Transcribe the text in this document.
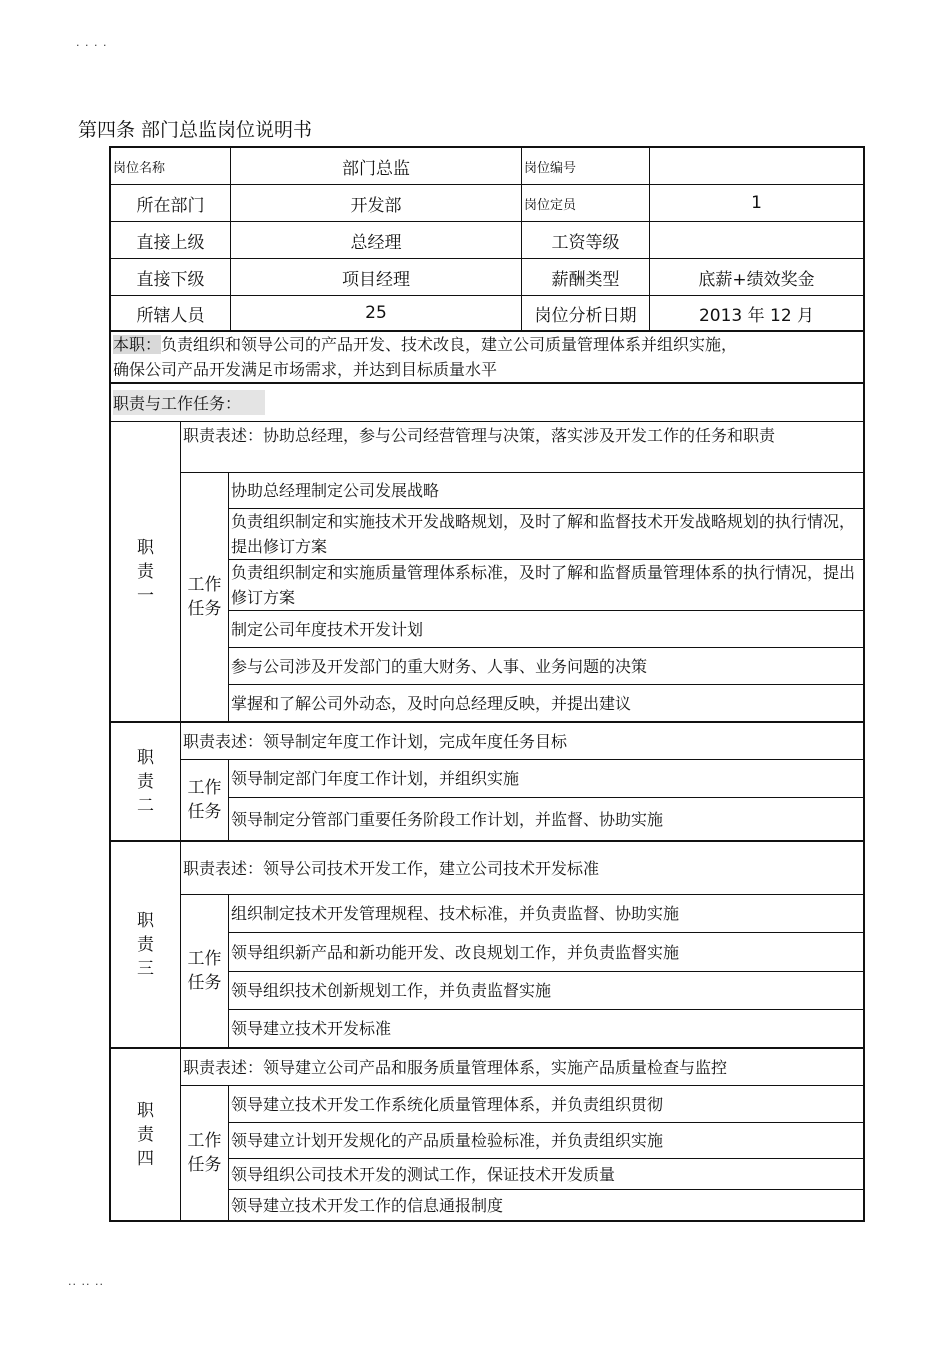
. . . .
.. .. ..
第四条 部门总监岗位说明书
岗位名称	部门总监	岗位编号
所在部门	开发部	岗位定员	1
直接上级	总经理	工资等级
直接下级	项目经理	薪酬类型	底薪+绩效奖金
所辖人员	25	岗位分析日期	2013 年 12 月
本职：负责组织和领导公司的产品开发、技术改良，建立公司质量管理体系并组织实施，
确保公司产品开发满足市场需求，并达到目标质量水平
职责与工作任务：
职
责
一
职责表述：协助总经理，参与公司经营管理与决策，落实涉及开发工作的任务和职责
工作
任务
协助总经理制定公司发展战略
负责组织制定和实施技术开发战略规划，及时了解和监督技术开发战略规划的执行情况，提出修订方案
负责组织制定和实施质量管理体系标准，及时了解和监督质量管理体系的执行情况，提出修订方案
制定公司年度技术开发计划
参与公司涉及开发部门的重大财务、人事、业务问题的决策
掌握和了解公司外动态，及时向总经理反映，并提出建议
职
责
二
职责表述：领导制定年度工作计划，完成年度任务目标
工作
任务
领导制定部门年度工作计划，并组织实施
领导制定分管部门重要任务阶段工作计划，并监督、协助实施
职
责
三
职责表述：领导公司技术开发工作，建立公司技术开发标准
工作
任务
组织制定技术开发管理规程、技术标准，并负责监督、协助实施
领导组织新产品和新功能开发、改良规划工作，并负责监督实施
领导组织技术创新规划工作，并负责监督实施
领导建立技术开发标准
职
责
四
职责表述：领导建立公司产品和服务质量管理体系，实施产品质量检查与监控
工作
任务
领导建立技术开发工作系统化质量管理体系，并负责组织贯彻
领导建立计划开发规化的产品质量检验标准，并负责组织实施
领导组织公司技术开发的测试工作，保证技术开发质量
领导建立技术开发工作的信息通报制度
